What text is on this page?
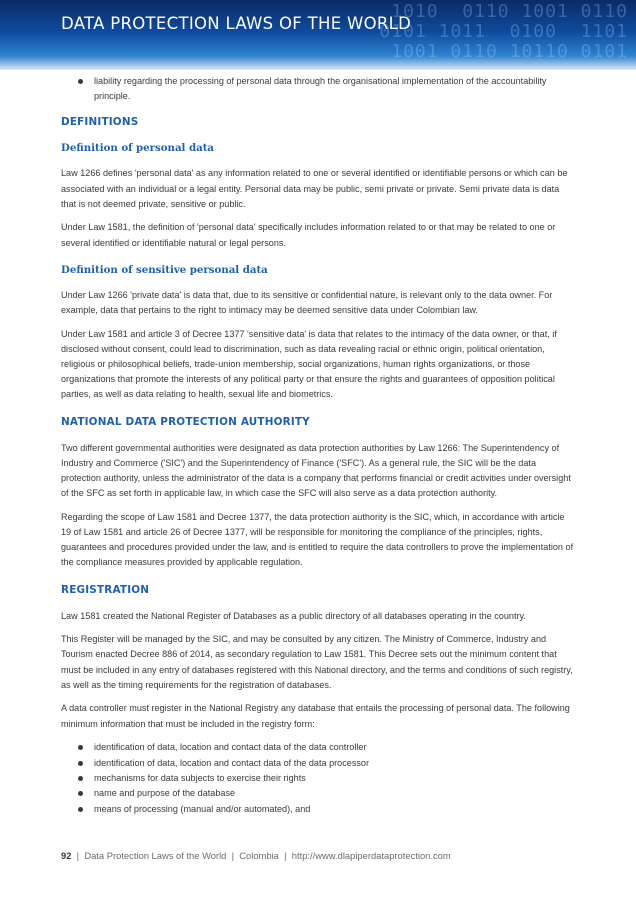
1010  0110 1001 0110
0101 1011  0100  1101
1001 0110 10110 0101
DATA PROTECTION LAWS OF THE WORLD
liability regarding the processing of personal data through the organisational implementation of the accountability principle.
DEFINITIONS
Definition of personal data

Law 1266 defines 'personal data' as any information related to one or several identified or identifiable persons or which can be associated with an individual or a legal entity. Personal data may be public, semi private or private. Semi private data is data that is not deemed private, sensitive or public.

Under Law 1581, the definition of 'personal data' specifically includes information related to or that may be related to one or several identified or identifiable natural or legal persons.

Definition of sensitive personal data

Under Law 1266 'private data' is data that, due to its sensitive or confidential nature, is relevant only to the data owner. For example, data that pertains to the right to intimacy may be deemed sensitive data under Colombian law.

Under Law 1581 and article 3 of Decree 1377 'sensitive data' is data that relates to the intimacy of the data owner, or that, if disclosed without consent, could lead to discrimination, such as data revealing racial or ethnic origin, political orientation, religious or philosophical beliefs, trade-union membership, social organizations, human rights organizations, or those organizations that promote the interests of any political party or that ensure the rights and guarantees of opposition political parties, as well as data relating to health, sexual life and biometrics.

NATIONAL DATA PROTECTION AUTHORITY

Two different governmental authorities were designated as data protection authorities by Law 1266: The Superintendency of Industry and Commerce ('SIC') and the Superintendency of Finance ('SFC'). As a general rule, the SIC will be the data protection authority, unless the administrator of the data is a company that performs financial or credit activities under oversight of the SFC as set forth in applicable law, in which case the SFC will also serve as a data protection authority.

Regarding the scope of Law 1581 and Decree 1377, the data protection authority is the SIC, which, in accordance with article 19 of Law 1581 and article 26 of Decree 1377, will be responsible for monitoring the compliance of the principles, rights, guarantees and procedures provided under the law, and is entitled to require the data controllers to prove the implementation of the compliance measures provided by applicable regulation.

REGISTRATION

Law 1581 created the National Register of Databases as a public directory of all databases operating in the country.

This Register will be managed by the SIC, and may be consulted by any citizen. The Ministry of Commerce, Industry and Tourism enacted Decree 886 of 2014, as secondary regulation to Law 1581. This Decree sets out the minimum content that must be included in any entry of databases registered with this National directory, and the terms and conditions of such registry, as well as the timing requirements for the registration of databases.

A data controller must register in the National Registry any database that entails the processing of personal data. The following minimum information that must be included in the registry form:

identification of data, location and contact data of the data controller
identification of data, location and contact data of the data processor
mechanisms for data subjects to exercise their rights
name and purpose of the database
means of processing (manual and/or automated), and
92 | Data Protection Laws of the World | Colombia | http://www.dlapiperdataprotection.com
